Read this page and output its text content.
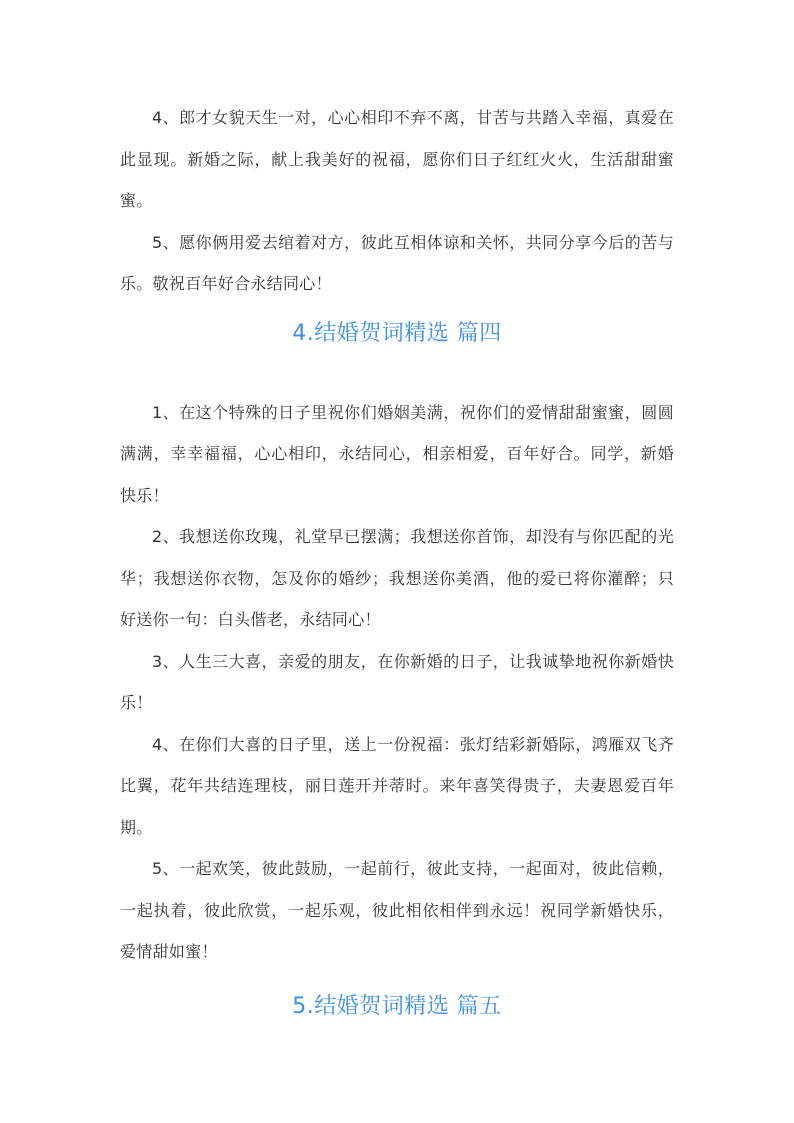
4、郎才女貌天生一对，心心相印不弃不离，甘苦与共踏入幸福，真爱在此显现。新婚之际，献上我美好的祝福，愿你们日子红红火火，生活甜甜蜜蜜。

5、愿你俩用爱去绾着对方，彼此互相体谅和关怀，共同分享今后的苦与乐。敬祝百年好合永结同心！

4.结婚贺词精选 篇四

1、在这个特殊的日子里祝你们婚姻美满，祝你们的爱情甜甜蜜蜜，圆圆满满，幸幸福福，心心相印，永结同心，相亲相爱，百年好合。同学，新婚快乐！

2、我想送你玫瑰，礼堂早已摆满；我想送你首饰，却没有与你匹配的光华；我想送你衣物，怎及你的婚纱；我想送你美酒，他的爱已将你灌醉；只好送你一句：白头偕老，永结同心！

3、人生三大喜，亲爱的朋友，在你新婚的日子，让我诚挚地祝你新婚快乐！

4、在你们大喜的日子里，送上一份祝福：张灯结彩新婚际，鸿雁双飞齐比翼，花年共结连理枝，丽日莲开并蒂时。来年喜笑得贵子，夫妻恩爱百年期。

5、一起欢笑，彼此鼓励，一起前行，彼此支持，一起面对，彼此信赖，一起执着，彼此欣赏，一起乐观，彼此相依相伴到永远！祝同学新婚快乐，爱情甜如蜜！

5.结婚贺词精选 篇五
